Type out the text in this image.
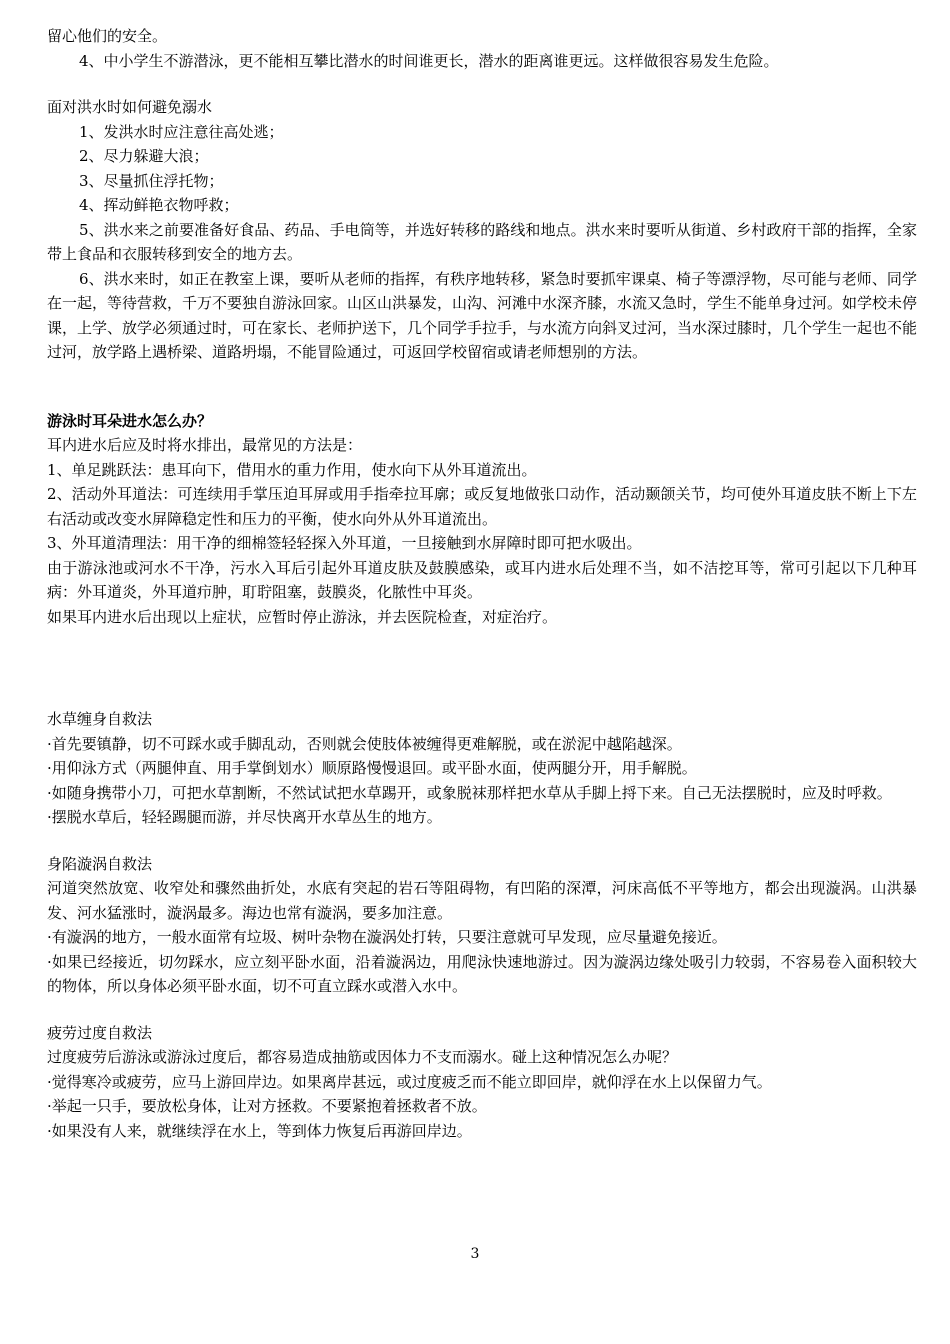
留心他们的安全。

4、中小学生不游潜泳，更不能相互攀比潜水的时间谁更长，潜水的距离谁更远。这样做很容易发生危险。

面对洪水时如何避免溺水

1、发洪水时应注意往高处逃；

2、尽力躲避大浪；

3、尽量抓住浮托物；

4、挥动鲜艳衣物呼救；

5、洪水来之前要准备好食品、药品、手电筒等，并选好转移的路线和地点。洪水来时要听从街道、乡村政府干部的指挥，全家带上食品和衣服转移到安全的地方去。

6、洪水来时，如正在教室上课，要听从老师的指挥，有秩序地转移，紧急时要抓牢课桌、椅子等漂浮物，尽可能与老师、同学在一起，等待营救，千万不要独自游泳回家。山区山洪暴发，山沟、河滩中水深齐膝，水流又急时，学生不能单身过河。如学校未停课，上学、放学必须通过时，可在家长、老师护送下，几个同学手拉手，与水流方向斜叉过河，当水深过膝时，几个学生一起也不能过河，放学路上遇桥梁、道路坍塌，不能冒险通过，可返回学校留宿或请老师想别的方法。

游泳时耳朵进水怎么办？

耳内进水后应及时将水排出，最常见的方法是：

1、单足跳跃法：患耳向下，借用水的重力作用，使水向下从外耳道流出。

2、活动外耳道法：可连续用手掌压迫耳屏或用手指牵拉耳廓；或反复地做张口动作，活动颞颌关节，均可使外耳道皮肤不断上下左右活动或改变水屏障稳定性和压力的平衡，使水向外从外耳道流出。

3、外耳道清理法：用干净的细棉签轻轻探入外耳道，一旦接触到水屏障时即可把水吸出。

由于游泳池或河水不干净，污水入耳后引起外耳道皮肤及鼓膜感染，或耳内进水后处理不当，如不洁挖耳等，常可引起以下几种耳病：外耳道炎，外耳道疖肿，耵聍阻塞，鼓膜炎，化脓性中耳炎。

如果耳内进水后出现以上症状，应暂时停止游泳，并去医院检查，对症治疗。

水草缠身自救法

·首先要镇静，切不可踩水或手脚乱动，否则就会使肢体被缠得更难解脱，或在淤泥中越陷越深。

·用仰泳方式（两腿伸直、用手掌倒划水）顺原路慢慢退回。或平卧水面，使两腿分开，用手解脱。

·如随身携带小刀，可把水草割断，不然试试把水草踢开，或象脱袜那样把水草从手脚上捋下来。自己无法摆脱时，应及时呼救。

·摆脱水草后，轻轻踢腿而游，并尽快离开水草丛生的地方。

身陷漩涡自救法

河道突然放宽、收窄处和骤然曲折处，水底有突起的岩石等阻碍物，有凹陷的深潭，河床高低不平等地方，都会出现漩涡。山洪暴发、河水猛涨时，漩涡最多。海边也常有漩涡，要多加注意。

·有漩涡的地方，一般水面常有垃圾、树叶杂物在漩涡处打转，只要注意就可早发现，应尽量避免接近。

·如果已经接近，切勿踩水，应立刻平卧水面，沿着漩涡边，用爬泳快速地游过。因为漩涡边缘处吸引力较弱，不容易卷入面积较大的物体，所以身体必须平卧水面，切不可直立踩水或潜入水中。

疲劳过度自救法

过度疲劳后游泳或游泳过度后，都容易造成抽筋或因体力不支而溺水。碰上这种情况怎么办呢？

·觉得寒冷或疲劳，应马上游回岸边。如果离岸甚远，或过度疲乏而不能立即回岸，就仰浮在水上以保留力气。

·举起一只手，要放松身体，让对方拯救。不要紧抱着拯救者不放。

·如果没有人来，就继续浮在水上，等到体力恢复后再游回岸边。

3
